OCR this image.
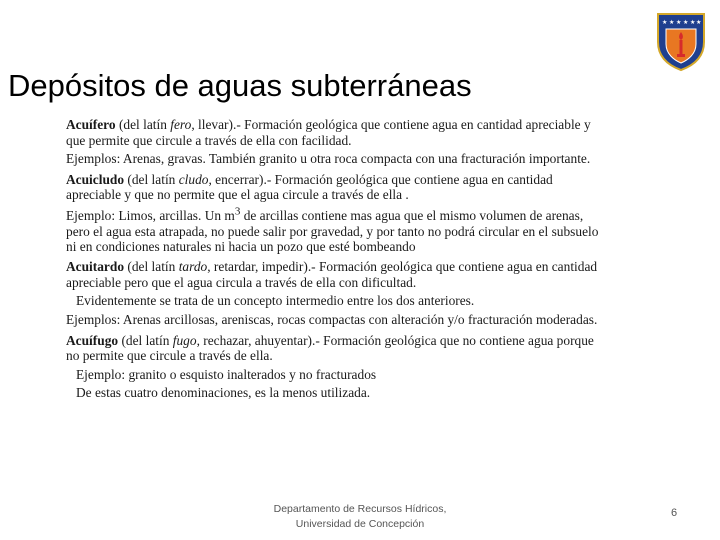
Depósitos de aguas subterráneas
★ ★ ★ ★ ★ ★

Acuífero (del latín fero, llevar).- Formación geológica que contiene agua en cantidad apreciable y que permite que circule a través de ella con facilidad.

Ejemplos: Arenas, gravas. También granito u otra roca compacta con una fracturación importante.

Acuicludo (del latín cludo, encerrar).- Formación geológica que contiene agua en cantidad apreciable y que no permite que el agua circule a través de ella .

Ejemplo: Limos, arcillas. Un $m^3$ de arcillas contiene mas agua que el mismo volumen de arenas, pero el agua esta atrapada, no puede salir por gravedad, y por tanto no podrá circular en el subsuelo

ni en condiciones naturales ni hacia un pozo que esté bombeando

Acuitardo (del latín tardo, retardar, impedir).- Formación geológica que contiene agua en cantidad apreciable pero que el agua circula a través de ella con dificultad.

Evidentemente se trata de un concepto intermedio entre los dos anteriores.

Ejemplos: Arenas arcillosas, areniscas, rocas compactas con alteración y/o fracturación moderadas.

Acuífugo (del latín fugo, rechazar, ahuyentar).- Formación geológica que no contiene agua porque no permite que circule a través de ella.

Ejemplo: granito o esquisto inalterados y no fracturados

De estas cuatro denominaciones, es la menos utilizada.

Departamento de Recursos Hídricos,
Universidad de Concepción
6
